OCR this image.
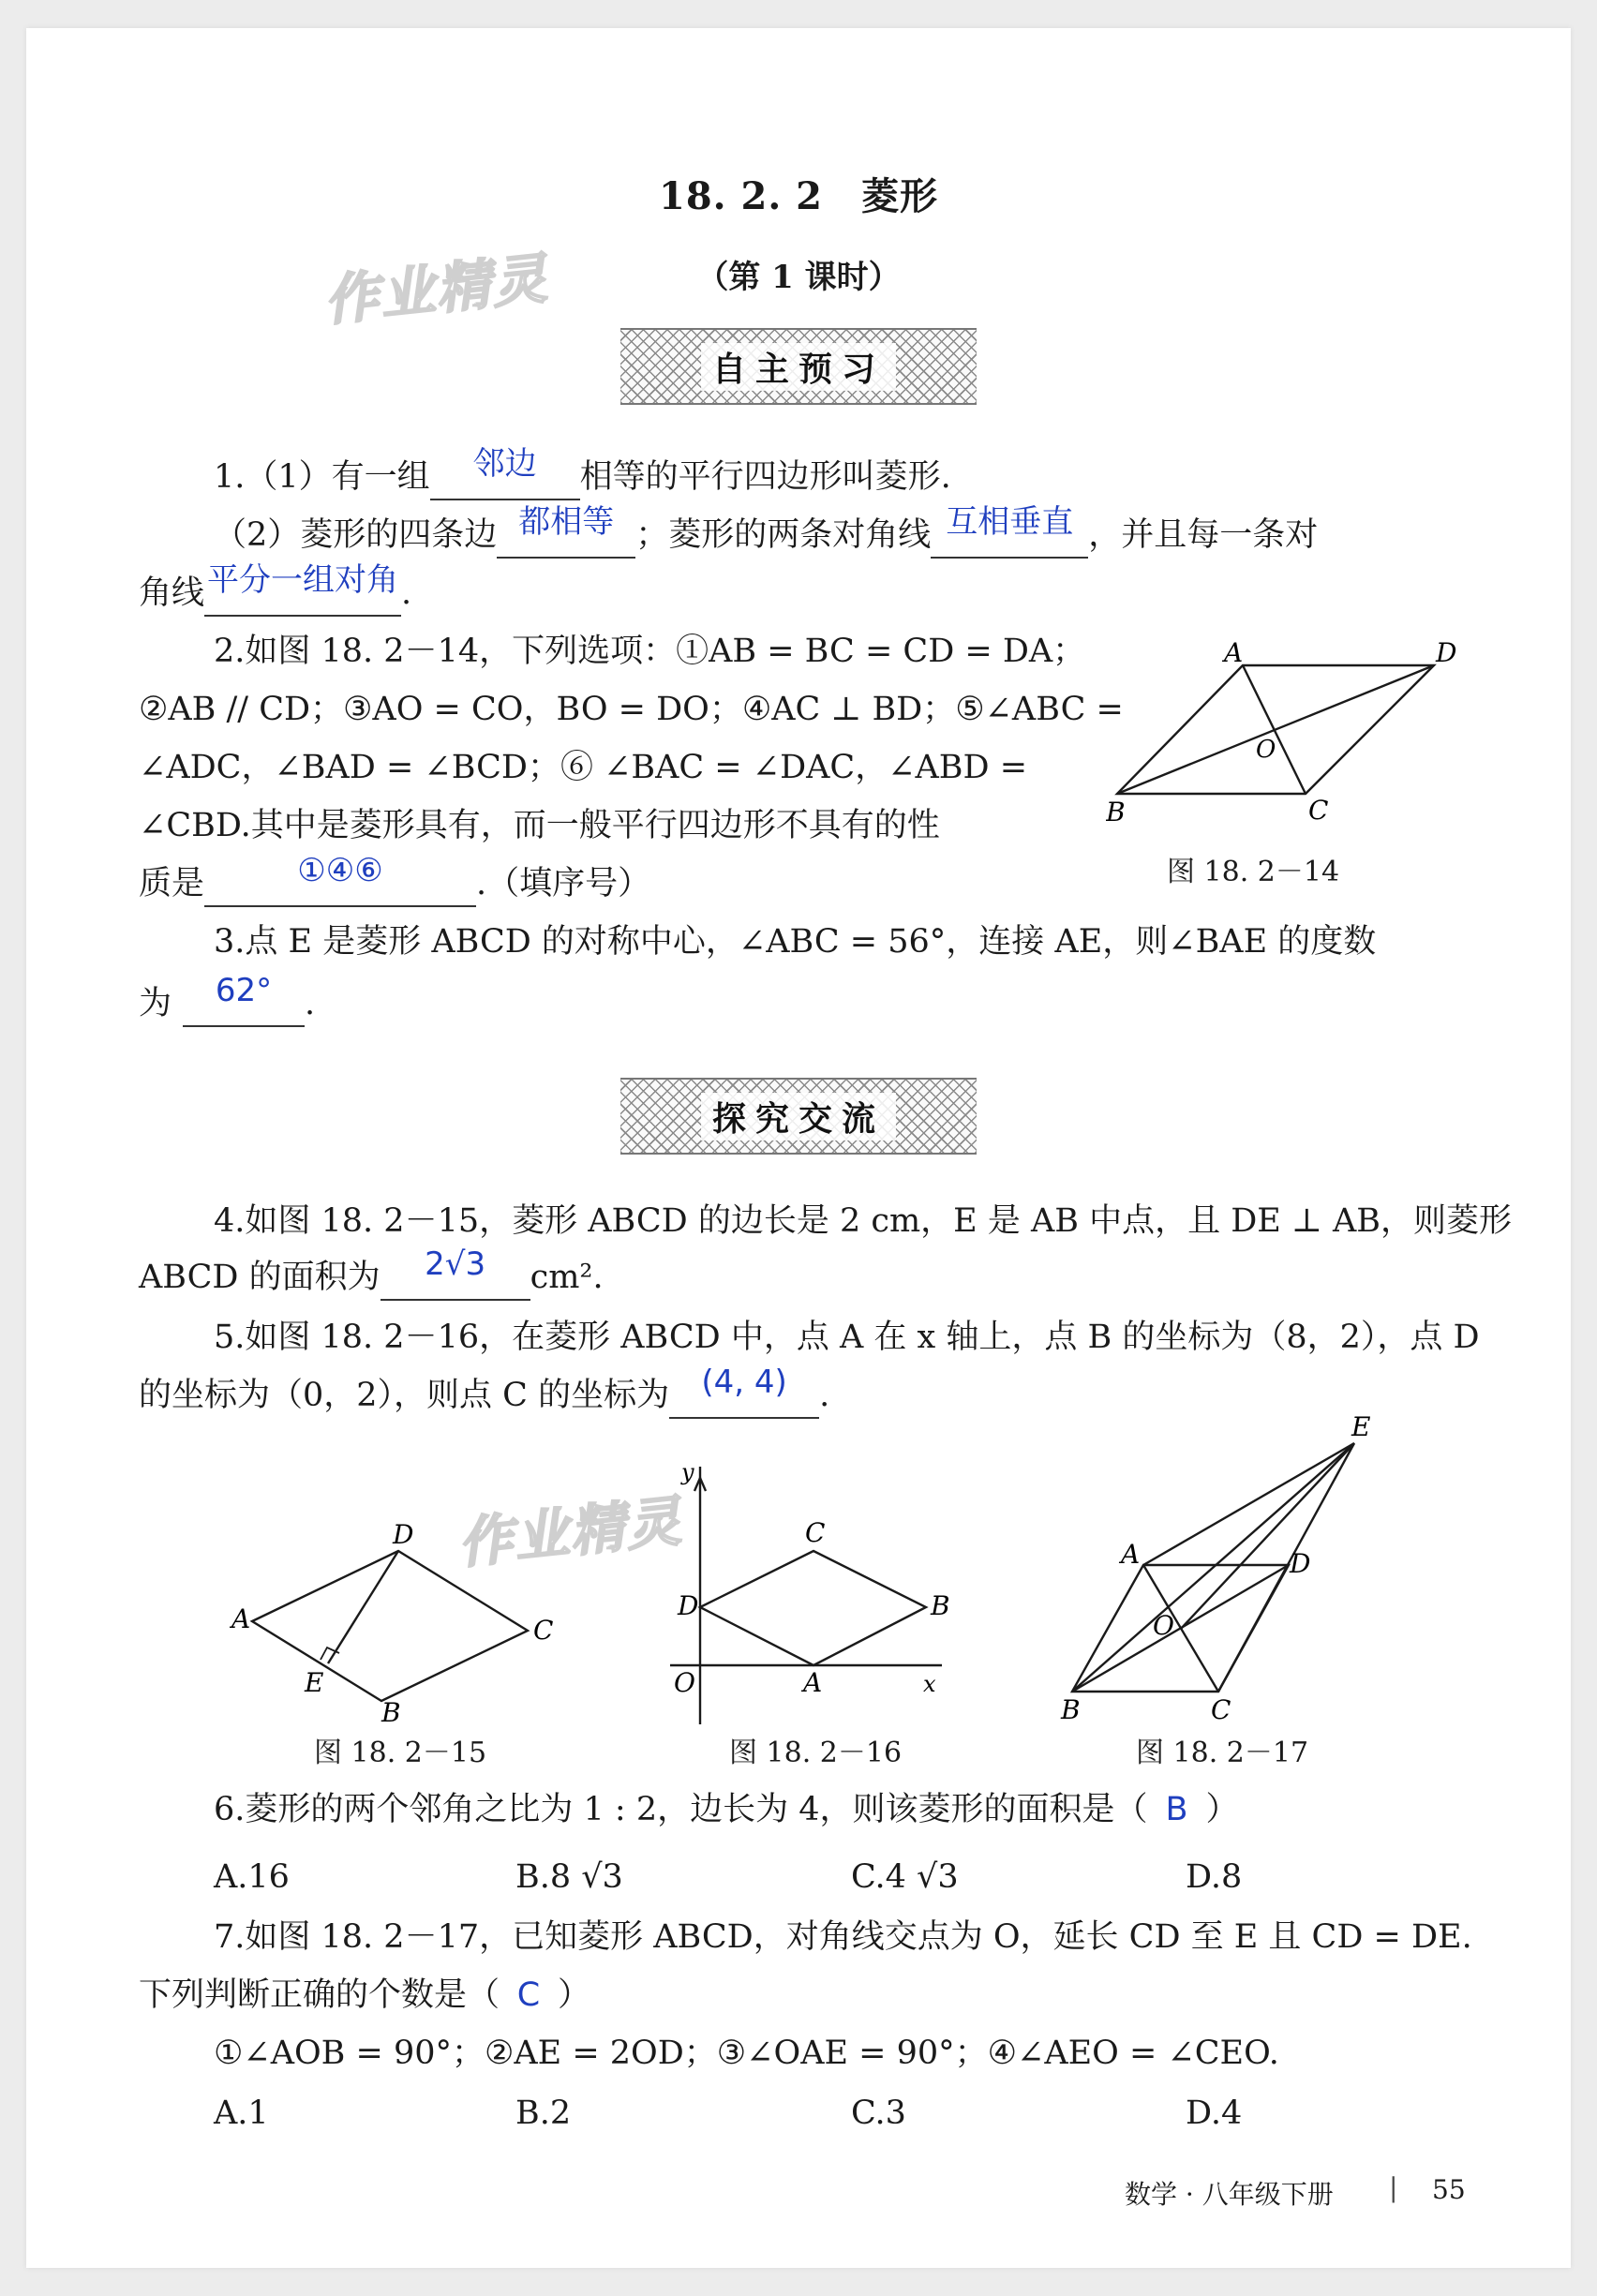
18. 2. 2　菱形
（第 1 课时）
作业精灵
自主预习
1.（1）有一组 邻边 相等的平行四边形叫菱形.
（2）菱形的四条边 都相等 ；菱形的两条对角线 互相垂直 ，并且每一条对
角线平分一组对角.
2.如图 18. 2－14，下列选项：①AB = BC = CD = DA；
②AB // CD；③AO = CO，BO = DO；④AC ⊥ BD；⑤∠ABC =
∠ADC，∠BAD = ∠BCD；⑥ ∠BAC = ∠DAC，∠ABD =
∠CBD.其中是菱形具有，而一般平行四边形不具有的性
质是	①④⑥	.（填序号）
A	D
B	C
O
图 18. 2－14
3.点 E 是菱形 ABCD 的对称中心，∠ABC = 56°，连接 AE，则∠BAE 的度数
为 62° .
探究交流
4.如图 18. 2－15，菱形 ABCD 的边长是 2 cm，E 是 AB 中点，且 DE ⊥ AB，则菱形
ABCD 的面积为 2√3 cm².
5.如图 18. 2－16，在菱形 ABCD 中，点 A 在 x 轴上，点 B 的坐标为（8，2），点 D
的坐标为（0，2），则点 C 的坐标为 (4, 4) .
作业精灵
A
D
C
B
E
图 18. 2－15
y
C
D	B
O	A	x
图 18. 2－16
E
A	D
O
B	C
图 18. 2－17
6.菱形的两个邻角之比为 1 : 2，边长为 4，则该菱形的面积是（ B ）
A.16	B.8 √3	C.4 √3	D.8
7.如图 18. 2－17，已知菱形 ABCD，对角线交点为 O，延长 CD 至 E 且 CD = DE.
下列判断正确的个数是（ C ）
①∠AOB = 90°；②AE = 2OD；③∠OAE = 90°；④∠AEO = ∠CEO.
A.1	B.2	C.3	D.4
数学 · 八年级下册 | 55
